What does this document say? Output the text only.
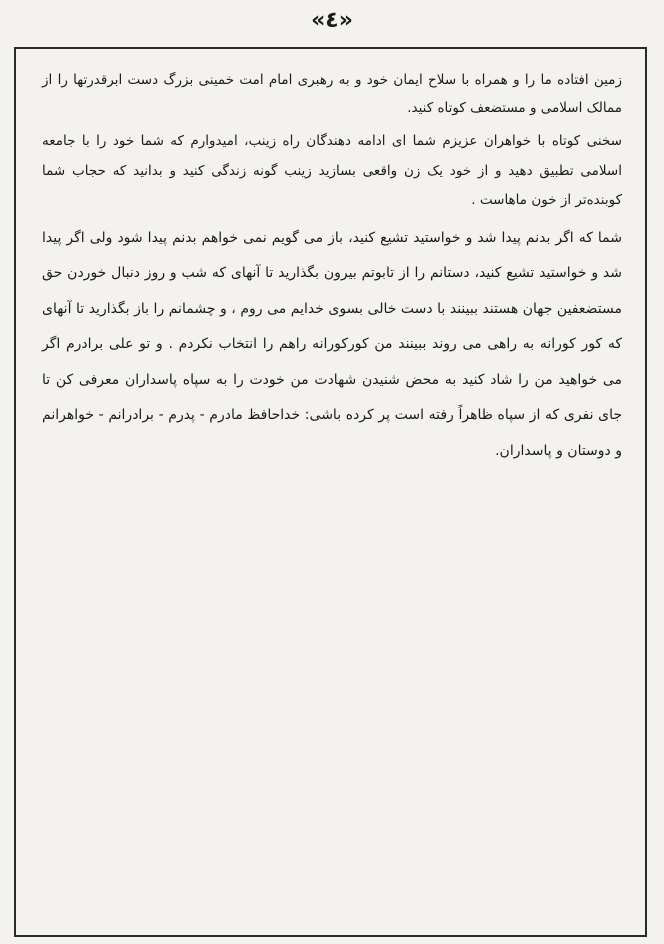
«٤»

زمین افتاده ما را و همراه با سلاح ایمان خود و به رهبری امام امت خمینی بزرگ دست ابرقدرتها را از ممالک اسلامی و مستضعف کوتاه کنید.

سخنی کوتاه با خواهران عزیزم شما ای ادامه دهندگان راه زینب، امیدوارم که شما خود را با جامعه اسلامی تطبیق دهید و از خود یک زن واقعی بسازید زینب گونه زندگی کنید و بدانید که حجاب شما کوبنده‌تر از خون ماهاست .

شما که اگر بدنم پیدا شد و خواستید تشیع کنید، باز می گویم نمی خواهم بدنم پیدا شود ولی اگر پیدا شد و خواستید تشیع کنید، دستانم را از تابوتم بیرون بگذارید تا آنهای که شب و روز دنبال خوردن حق مستضعفین جهان هستند ببینند با دست خالی بسوی خدایم می روم ، و چشمانم را باز بگذارید تا آنهای که کور کورانه به راهی می روند ببینند من کورکورانه راهم را انتخاب نکردم . و تو علی برادرم اگر می خواهید من را شاد کنید به محض شنیدن شهادت من خودت را به سپاه پاسداران معرفی کن تا جای نفری که از سپاه ظاهراً رفته است پر کرده باشی: خداحافظ مادرم - پدرم - برادرانم - خواهرانم و دوستان و پاسداران.
